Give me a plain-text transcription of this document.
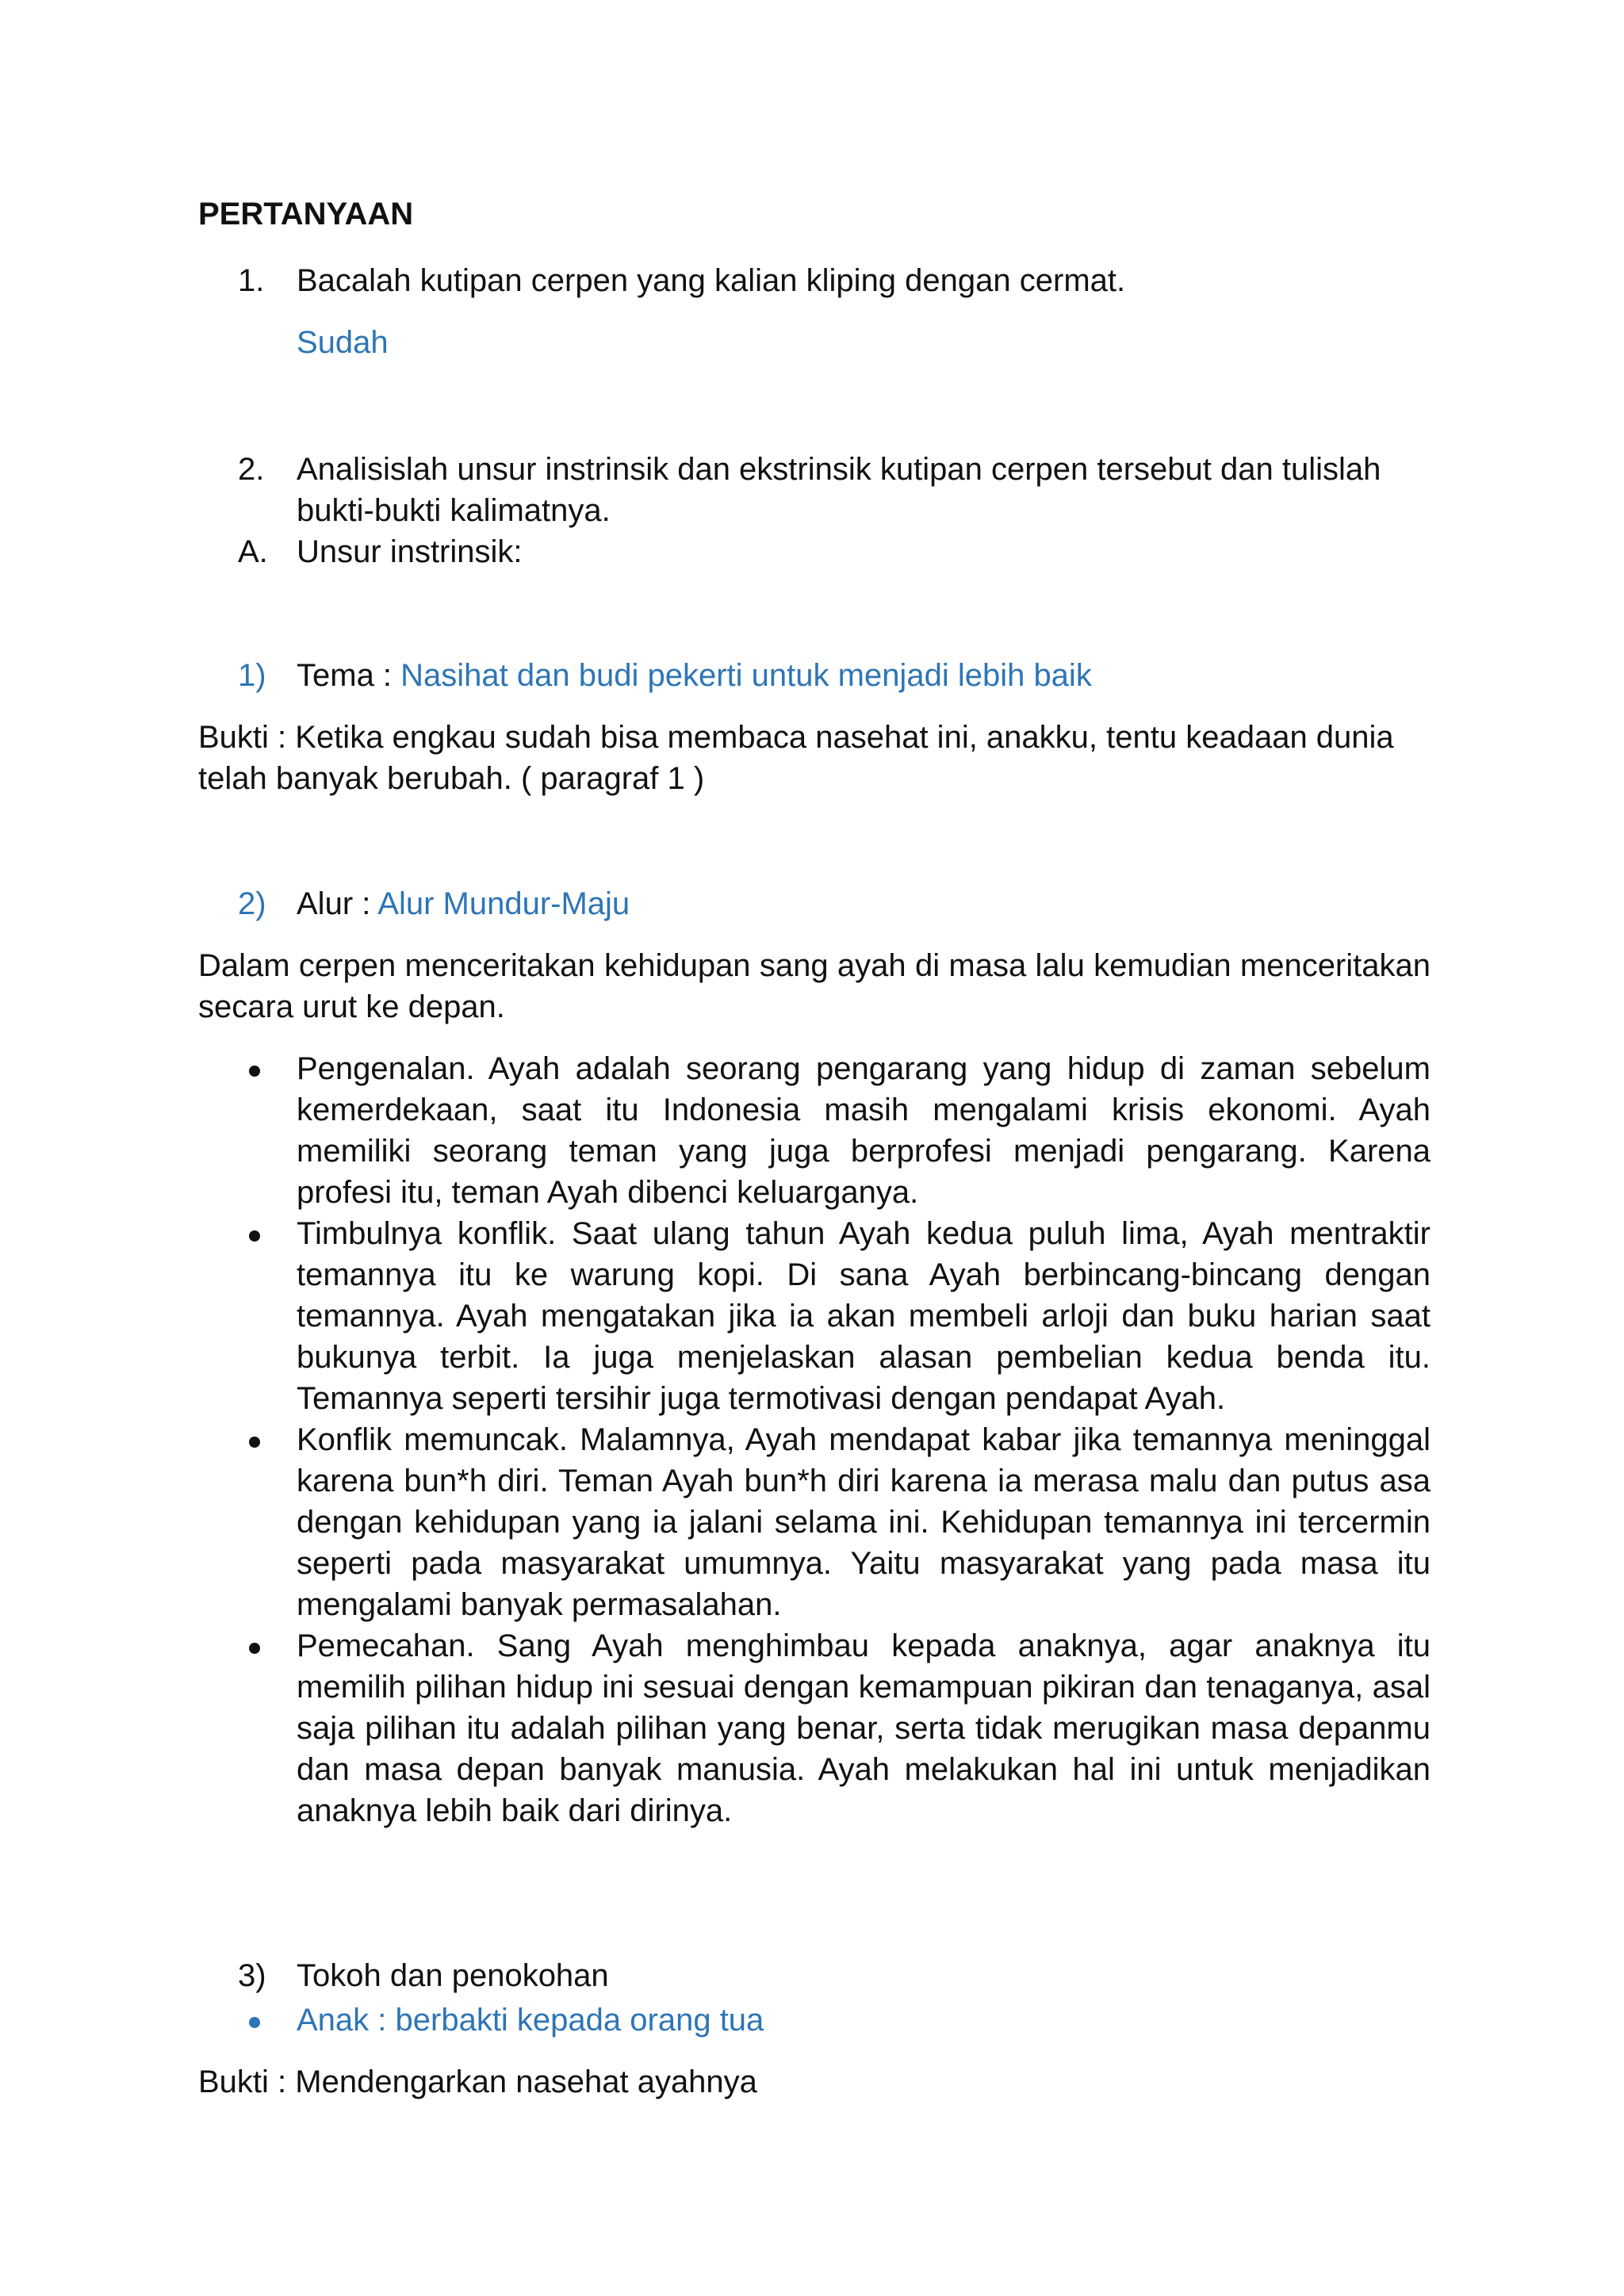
PERTANYAAN

1.	Bacalah kutipan cerpen yang kalian kliping dengan cermat.

Sudah

2.	Analisislah unsur instrinsik dan ekstrinsik kutipan cerpen tersebut dan tulislah bukti-bukti kalimatnya.

A. Unsur instrinsik:

1) Tema : Nasihat dan budi pekerti untuk menjadi lebih baik

Bukti : Ketika engkau sudah bisa membaca nasehat ini, anakku, tentu keadaan dunia telah banyak berubah. ( paragraf 1 )

2) Alur : Alur Mundur-Maju

Dalam cerpen menceritakan kehidupan sang ayah di masa lalu kemudian menceritakan secara urut ke depan.

Pengenalan. Ayah adalah seorang pengarang yang hidup di zaman sebelum kemerdekaan, saat itu Indonesia masih mengalami krisis ekonomi. Ayah memiliki seorang teman yang juga berprofesi menjadi pengarang. Karena profesi itu, teman Ayah dibenci keluarganya.

Timbulnya konflik. Saat ulang tahun Ayah kedua puluh lima, Ayah mentraktir temannya itu ke warung kopi. Di sana Ayah berbincang-bincang dengan temannya. Ayah mengatakan jika ia akan membeli arloji dan buku harian saat bukunya terbit. Ia juga menjelaskan alasan pembelian kedua benda itu. Temannya seperti tersihir juga termotivasi dengan pendapat Ayah.

Konflik memuncak. Malamnya, Ayah mendapat kabar jika temannya meninggal karena bun*h diri. Teman Ayah bun*h diri karena ia merasa malu dan putus asa dengan kehidupan yang ia jalani selama ini. Kehidupan temannya ini tercermin seperti pada masyarakat umumnya. Yaitu masyarakat yang pada masa itu mengalami banyak permasalahan.

Pemecahan. Sang Ayah menghimbau kepada anaknya, agar anaknya itu memilih pilihan hidup ini sesuai dengan kemampuan pikiran dan tenaganya, asal saja pilihan itu adalah pilihan yang benar, serta tidak merugikan masa depanmu dan masa depan banyak manusia. Ayah melakukan hal ini untuk menjadikan anaknya lebih baik dari dirinya.

3) Tokoh dan penokohan

Anak : berbakti kepada orang tua

Bukti : Mendengarkan nasehat ayahnya
